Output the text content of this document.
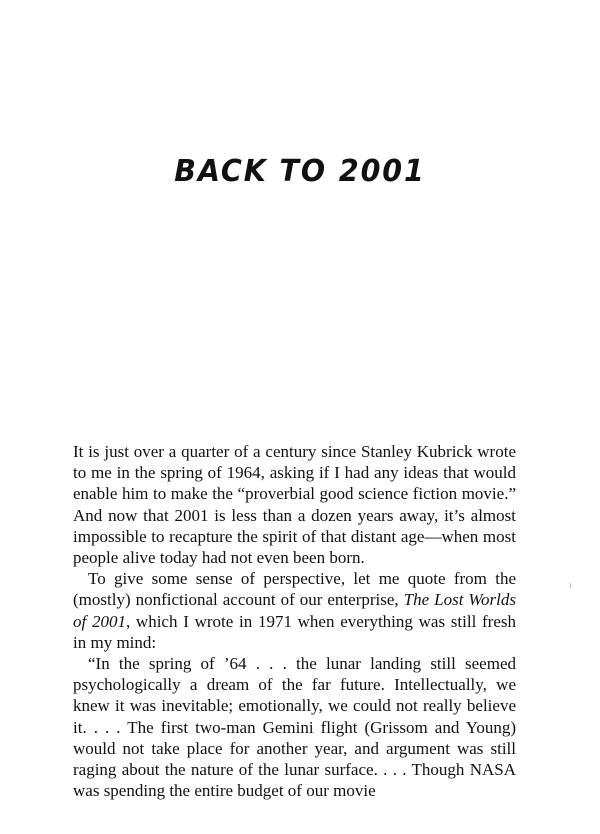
BACK TO 2001

It is just over a quarter of a century since Stanley Kubrick wrote to me in the spring of 1964, asking if I had any ideas that would enable him to make the “proverbial good science fiction movie.” And now that 2001 is less than a dozen years away, it’s almost impossible to recapture the spirit of that distant age—when most people alive today had not even been born.

To give some sense of perspective, let me quote from the (mostly) nonfictional account of our enterprise, The Lost Worlds of 2001, which I wrote in 1971 when everything was still fresh in my mind:

“In the spring of ’64 . . . the lunar landing still seemed psychologically a dream of the far future. Intellectually, we knew it was inevitable; emotionally, we could not really believe it. . . . The first two-man Gemini flight (Grissom and Young) would not take place for another year, and argument was still raging about the nature of the lunar surface. . . . Though NASA was spending the entire budget of our movie
